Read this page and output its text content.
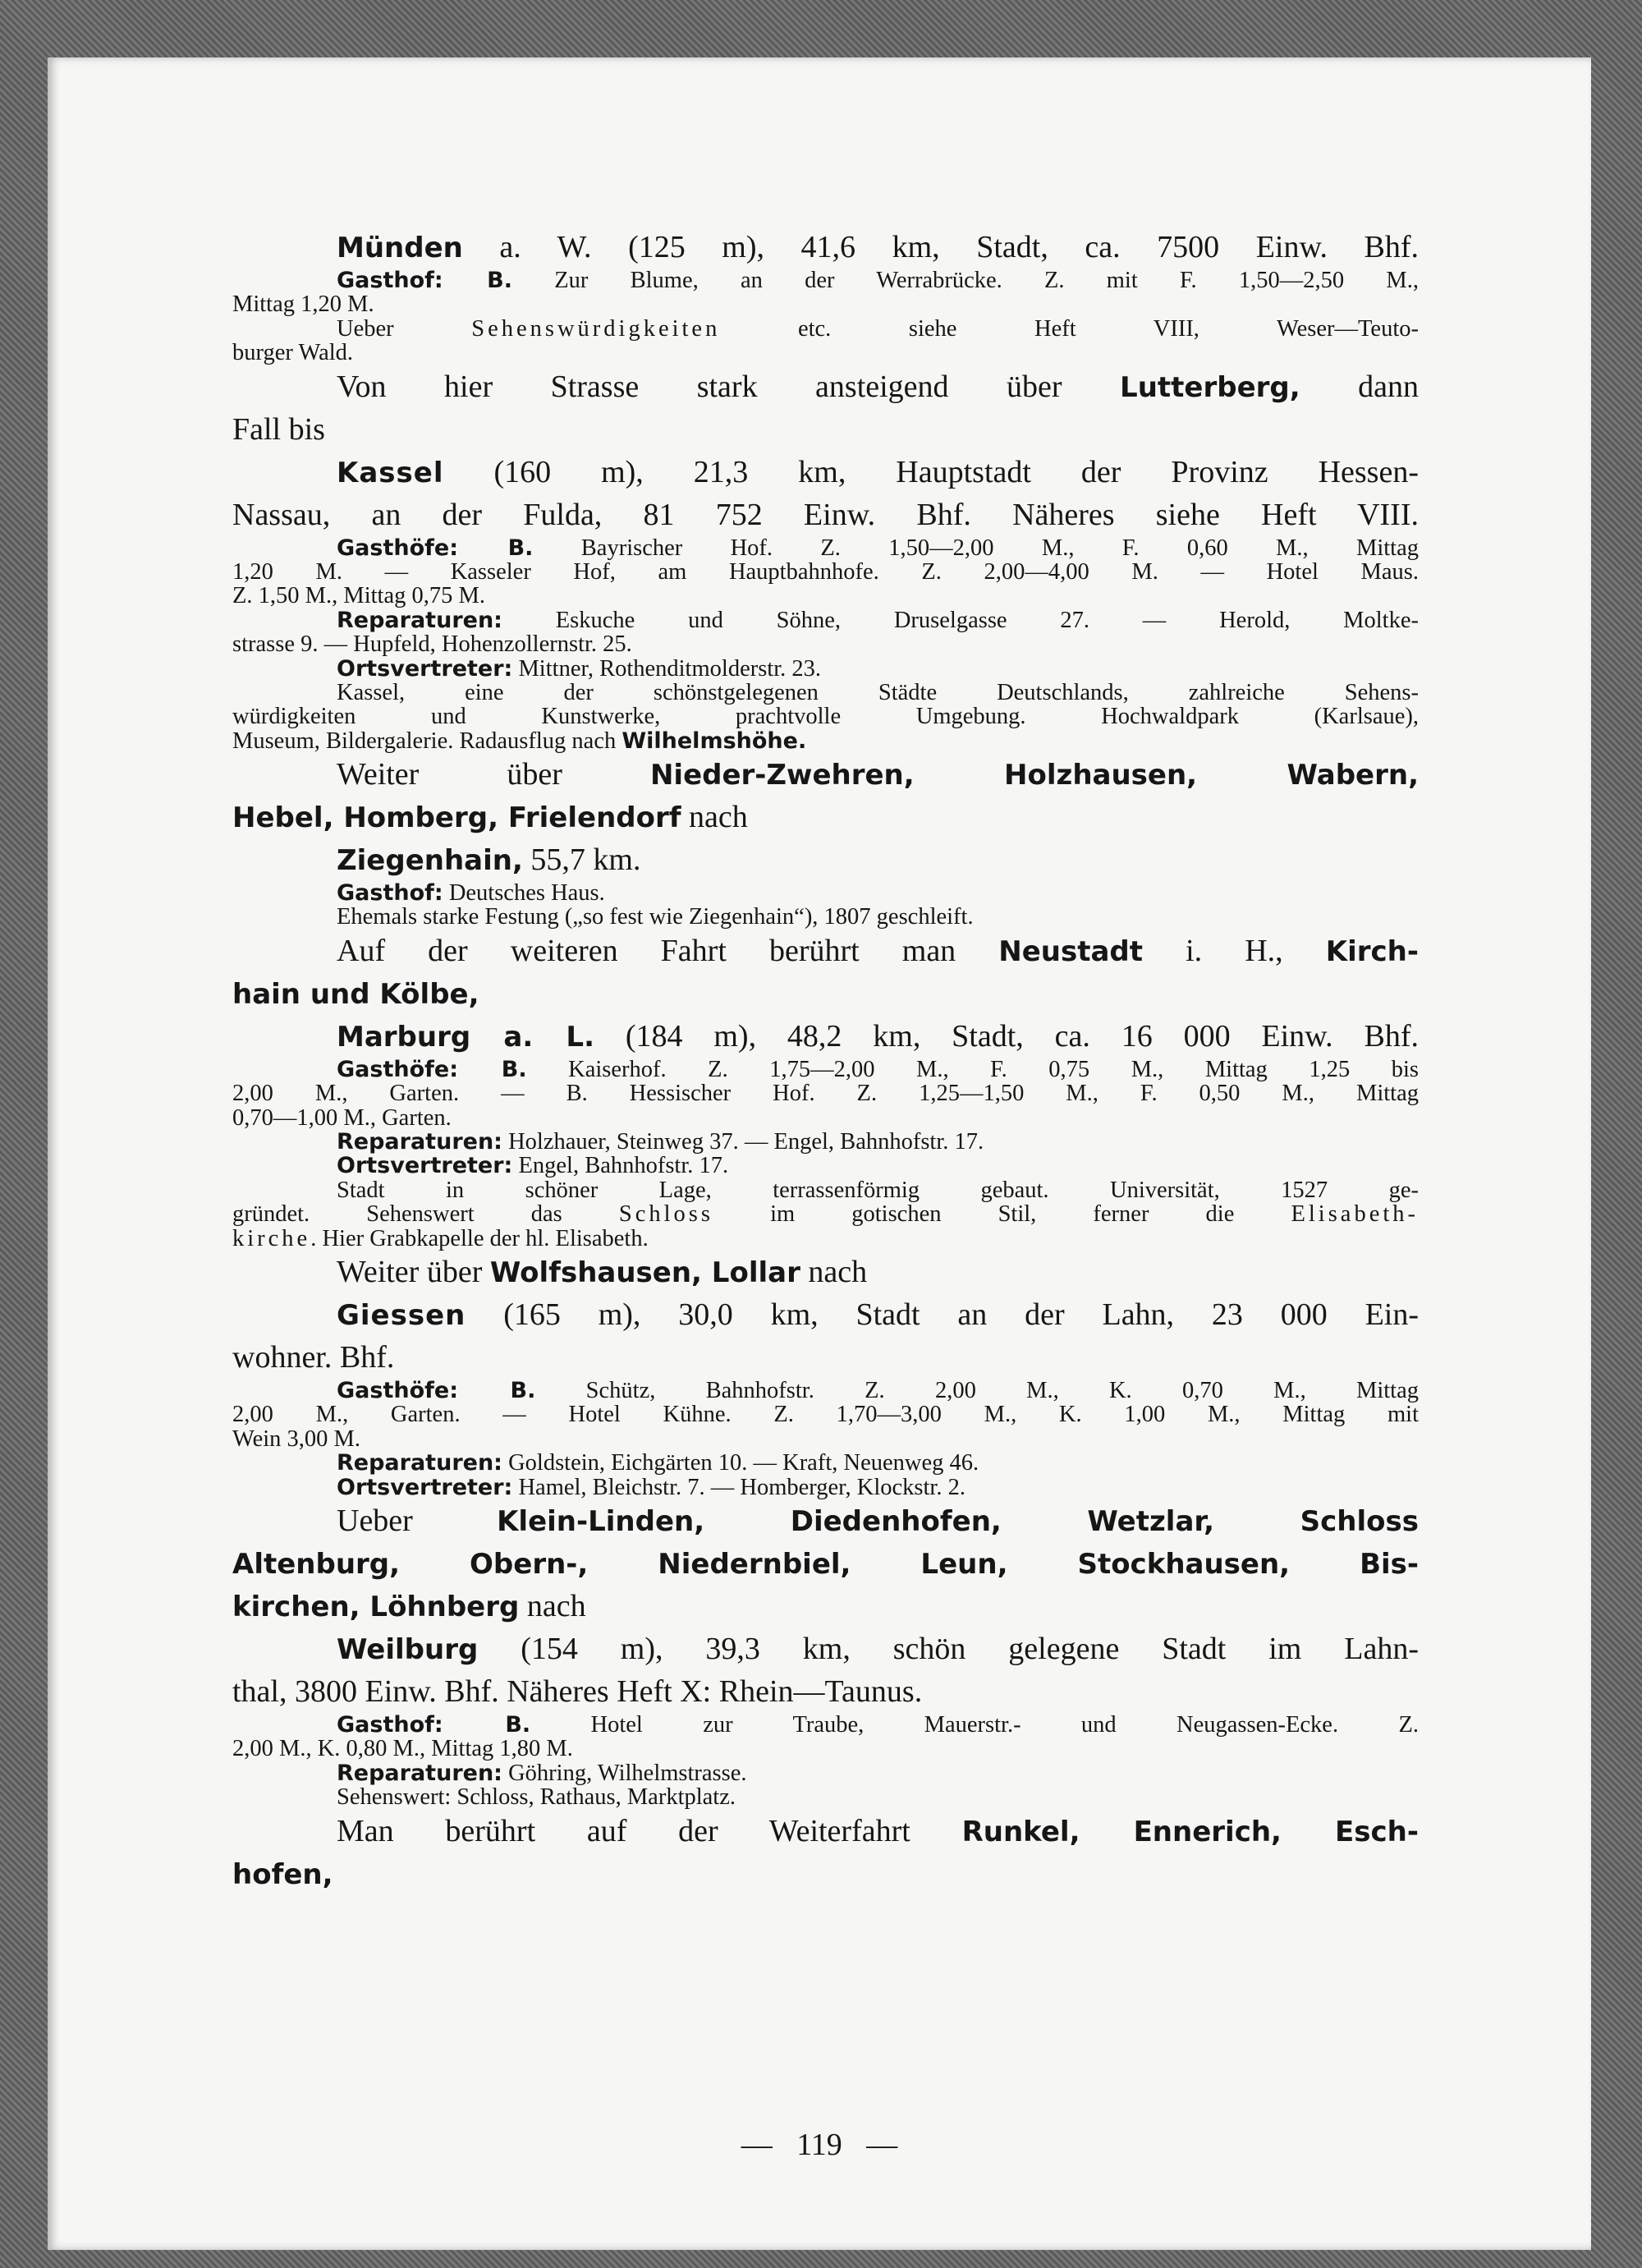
Münden a. W. (125 m), 41,6 km, Stadt, ca. 7500 Einw. Bhf.
Gasthof: B. Zur Blume, an der Werrabrücke. Z. mit F. 1,50—2,50 M.,
Mittag 1,20 M.
Ueber Sehenswürdigkeiten etc. siehe Heft VIII, Weser—Teuto-
burger Wald.
Von hier Strasse stark ansteigend über Lutterberg, dann
Fall bis
Kassel (160 m), 21,3 km, Hauptstadt der Provinz Hessen-
Nassau, an der Fulda, 81 752 Einw. Bhf. Näheres siehe Heft VIII.
Gasthöfe: B. Bayrischer Hof. Z. 1,50—2,00 M., F. 0,60 M., Mittag
1,20 M. — Kasseler Hof, am Hauptbahnhofe. Z. 2,00—4,00 M. — Hotel Maus.
Z. 1,50 M., Mittag 0,75 M.
Reparaturen: Eskuche und Söhne, Druselgasse 27. — Herold, Moltke-
strasse 9. — Hupfeld, Hohenzollernstr. 25.
Ortsvertreter: Mittner, Rothenditmolderstr. 23.
Kassel, eine der schönstgelegenen Städte Deutschlands, zahlreiche Sehens-
würdigkeiten und Kunstwerke, prachtvolle Umgebung. Hochwaldpark (Karlsaue),
Museum, Bildergalerie. Radausflug nach Wilhelmshöhe.
Weiter über Nieder-Zwehren, Holzhausen, Wabern,
Hebel, Homberg, Frielendorf nach
Ziegenhain, 55,7 km.
Gasthof: Deutsches Haus.
Ehemals starke Festung („so fest wie Ziegenhain“), 1807 geschleift.
Auf der weiteren Fahrt berührt man Neustadt i. H., Kirch-
hain und Kölbe,
Marburg a. L. (184 m), 48,2 km, Stadt, ca. 16 000 Einw. Bhf.
Gasthöfe: B. Kaiserhof. Z. 1,75—2,00 M., F. 0,75 M., Mittag 1,25 bis
2,00 M., Garten. — B. Hessischer Hof. Z. 1,25—1,50 M., F. 0,50 M., Mittag
0,70—1,00 M., Garten.
Reparaturen: Holzhauer, Steinweg 37. — Engel, Bahnhofstr. 17.
Ortsvertreter: Engel, Bahnhofstr. 17.
Stadt in schöner Lage, terrassenförmig gebaut. Universität, 1527 ge-
gründet. Sehenswert das Schloss im gotischen Stil, ferner die Elisabeth-
kirche. Hier Grabkapelle der hl. Elisabeth.
Weiter über Wolfshausen, Lollar nach
Giessen (165 m), 30,0 km, Stadt an der Lahn, 23 000 Ein-
wohner. Bhf.
Gasthöfe: B. Schütz, Bahnhofstr. Z. 2,00 M., K. 0,70 M., Mittag
2,00 M., Garten. — Hotel Kühne. Z. 1,70—3,00 M., K. 1,00 M., Mittag mit
Wein 3,00 M.
Reparaturen: Goldstein, Eichgärten 10. — Kraft, Neuenweg 46.
Ortsvertreter: Hamel, Bleichstr. 7. — Homberger, Klockstr. 2.
Ueber Klein-Linden, Diedenhofen, Wetzlar, Schloss
Altenburg, Obern-, Niedernbiel, Leun, Stockhausen, Bis-
kirchen, Löhnberg nach
Weilburg (154 m), 39,3 km, schön gelegene Stadt im Lahn-
thal, 3800 Einw. Bhf. Näheres Heft X: Rhein—Taunus.
Gasthof: B. Hotel zur Traube, Mauerstr.- und Neugassen-Ecke. Z.
2,00 M., K. 0,80 M., Mittag 1,80 M.
Reparaturen: Göhring, Wilhelmstrasse.
Sehenswert: Schloss, Rathaus, Marktplatz.
Man berührt auf der Weiterfahrt Runkel, Ennerich, Esch-
hofen,
— 119 —
